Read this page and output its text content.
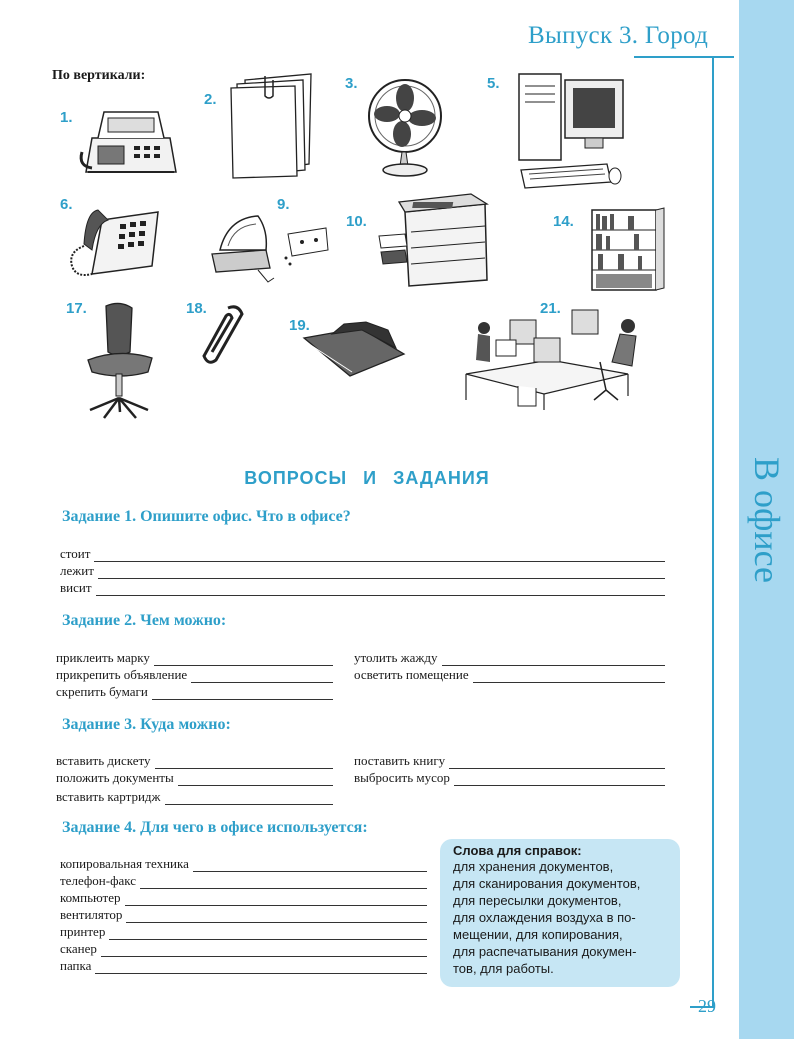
В офисе
Выпуск 3. Город
29
По вертикали:
1.
2.
3.	5.
6.	9.
10.	14.
17.	18.
19.
21.
ВОПРОСЫ И ЗАДАНИЯ
Задание 1. Опишите офис. Что в офисе?
стоит
лежит
висит
Задание 2. Чем можно:
приклеить марку
прикрепить объявление
скрепить бумаги
утолить жажду
осветить помещение
Задание 3. Куда можно:
вставить дискету
положить документы
вставить картридж
поставить книгу
выбросить мусор
Задание 4. Для чего в офисе используется:
копировальная техника
телефон-факс
компьютер
вентилятор
принтер
сканер
папка
Слова для справок:
для хранения документов,
для сканирования документов,
для пересылки документов,
для охлаждения воздуха в по-
мещении, для копирования,
для распечатывания докумен-
тов, для работы.
